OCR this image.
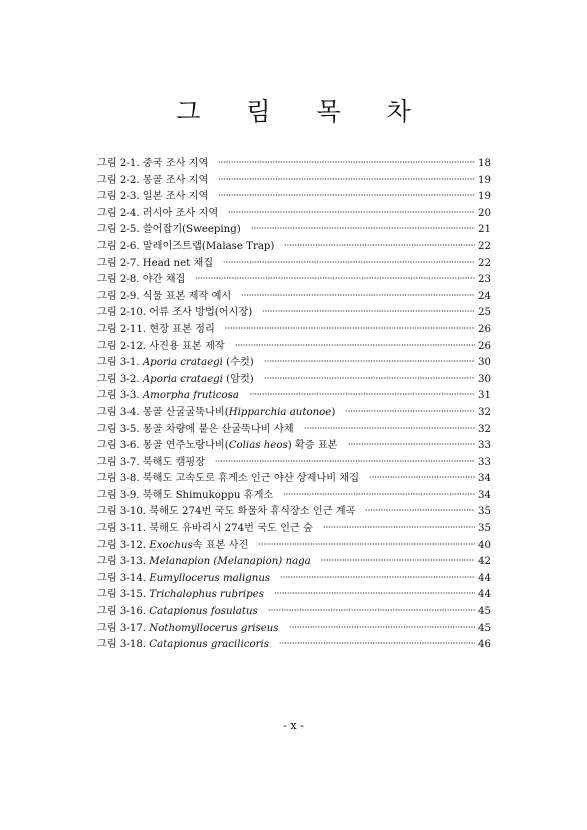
그 림 목 차
그림 2-1. 중국 조사 지역	18
그림 2-2. 몽골 조사 지역	19
그림 2-3. 일본 조사 지역	19
그림 2-4. 러시아 조사 지역	20
그림 2-5. 쓸어잡기(Sweeping)	21
그림 2-6. 말레이즈트랩(Malase Trap)	22
그림 2-7. Head net 채집	22
그림 2-8. 야간 채집	23
그림 2-9. 식물 표본 제작 예시	24
그림 2-10. 어류 조사 방법(어시장)	25
그림 2-11. 현장 표본 정리	26
그림 2-12. 사진용 표본 제작	26
그림 3-1. Aporia crataegi (수컷)	30
그림 3-2. Aporia crataegi (암컷)	30
그림 3-3. Amorpha fruticosa	31
그림 3-4. 몽골 산굴굴뚝나비(Hipparchia autonoe)	32
그림 3-5. 몽골 차량에 붙은 산굴뚝나비 사체	32
그림 3-6. 몽골 연주노랑나비(Colias heos) 확증 표본	33
그림 3-7. 북해도 캠핑장	33
그림 3-8. 북해도 고속도로 휴게소 인근 야산 상제나비 채집	34
그림 3-9. 북해도 Shimukoppu 휴게소	34
그림 3-10. 북해도 274번 국도 화물차 휴식장소 인근 계곡	35
그림 3-11. 북해도 유바리시 274번 국도 인근 숲	35
그림 3-12. Exochus속 표본 사진	40
그림 3-13. Melanapion (Melanapion) naga	42
그림 3-14. Eumyllocerus malignus	44
그림 3-15. Trichalophus rubripes	44
그림 3-16. Catapionus fosulatus	45
그림 3-17. Nothomyllocerus griseus	45
그림 3-18. Catapionus gracilicoris	46
- x -
